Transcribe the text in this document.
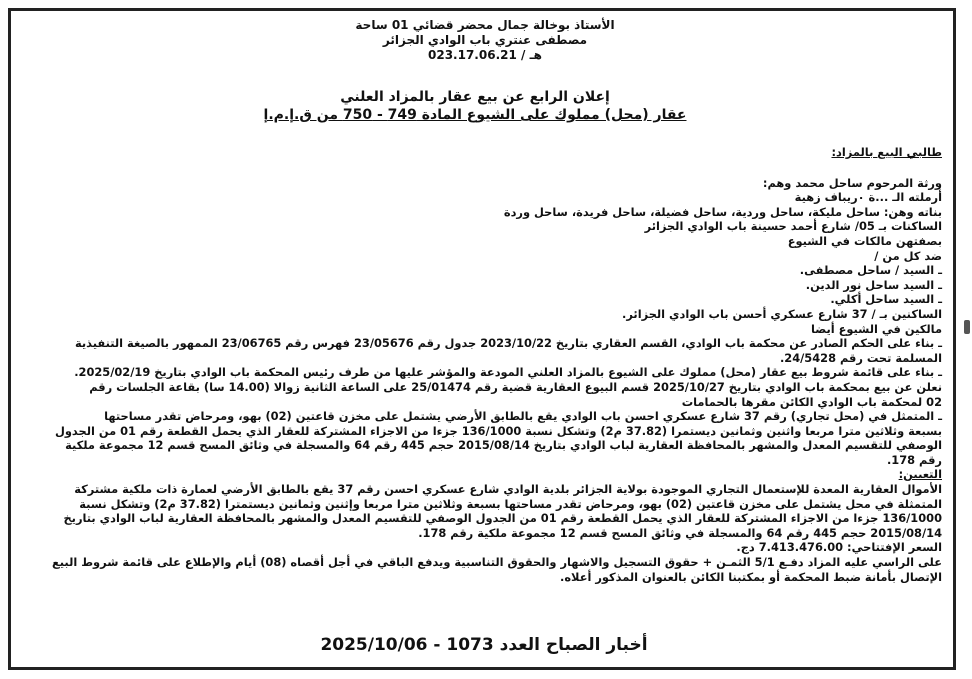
الأستاذ بوخالة جمال محضر قضائي 01 ساحة
مصطفى عنتري باب الوادي الجزائر
هـ / 023.17.06.21
إعلان الرابع عن بيع عقار بالمزاد العلني
عقار (محل) مملوك على الشيوع المادة 749 - 750 من ق.إ.م.إ

طالبي البيع بالمزاد:

ورثة المرحوم ساحل محمد وهم:

أرملته الـ ...ة ٠ريباف زهية

بناته وهن: ساحل مليكة، ساحل وردية، ساحل فضيلة، ساحل فريدة، ساحل وردة

الساكنات بـ 05/ شارع أحمد حسينة باب الوادي الجزائر

بصفتهن مالكات في الشيوع

ضد كل من /

ـ السيد / ساحل مصطفى.

ـ السيد ساحل نور الدين.

ـ السيد ساحل أكلي.

الساكنين بـ / 37 شارع عسكري أحسن باب الوادي الجزائر.

مالكين في الشيوع أيضا

ـ بناء على الحكم الصادر عن محكمة باب الوادي، القسم العقاري بتاريخ 2023/10/22 جدول رقم 23/05676 فهرس رقم 23/06765 الممهور بالصيغة التنفيذية

المسلمة تحت رقم 24/5428.

ـ بناء على قائمة شروط بيع عقار (محل) مملوك على الشيوع بالمزاد العلني المودعة والمؤشر عليها من طرف رئيس المحكمة باب الوادي بتاريخ 2025/02/19.

نعلن عن بيع بمحكمة باب الوادي بتاريخ 2025/10/27 قسم البيوع العقارية قضية رقم 25/01474 على الساعة الثانية زوالا (14.00 سا) بقاعة الجلسات رقم

02 لمحكمة باب الوادي الكائن مقرها بالحمامات

ـ المتمثل في (محل تجاري) رقم 37 شارع عسكري احسن باب الوادي يقع بالطابق الأرضي يشتمل على مخزن قاعتين (02) بهو، ومرحاض تقدر مساحتها

بسبعة وثلاثين مترا مربعا واثنين وثمانين ديستمرا (37.82 م2) وتشكل نسبة 136/1000 جزءا من الاجزاء المشتركة للعقار الذي يحمل القطعة رقم 01 من الجدول

الوصفي للتقسيم المعدل والمشهر بالمحافظة العقارية لباب الوادي بتاريخ 2015/08/14 حجم 445 رقم 64 والمسجلة في وثائق المسح قسم 12 مجموعة ملكية

رقم 178.

التعيين:

الأموال العقارية المعدة للإستعمال التجاري الموجودة بولاية الجزائر بلدية الوادي شارع عسكري احسن رقم 37 يقع بالطابق الأرضي لعمارة ذات ملكية مشتركة

المتمثلة في محل يشتمل على مخزن قاعتين (02) بهو، ومرحاض تقدر مساحتها بسبعة وثلاثين مترا مربعا وإثنين وثمانين ديستمترا (37.82 م2) وتشكل نسبة

136/1000 جزءا من الاجزاء المشتركة للعقار الذي يحمل القطعة رقم 01 من الجدول الوصفي للتقسيم المعدل والمشهر بالمحافظة العقارية لباب الوادي بتاريخ

2015/08/14 حجم 445 رقم 64 والمسجلة في وثائق المسح قسم 12 مجموعة ملكية رقم 178.

السعر الإفتتاحي: 7.413.476.00 دج.

على الراسي عليه المزاد دفـع 5/1 الثمـن + حقوق التسجيل والاشهار والحقوق التناسبية ويدفع الباقي في أجل أقصاه (08) أيام والإطلاع على قائمة شروط البيع

الإتصال بأمانة ضبط المحكمة أو بمكتبنا الكائن بالعنوان المذكور أعلاه.

أخبار الصباح العدد 1073 - 2025/10/06
